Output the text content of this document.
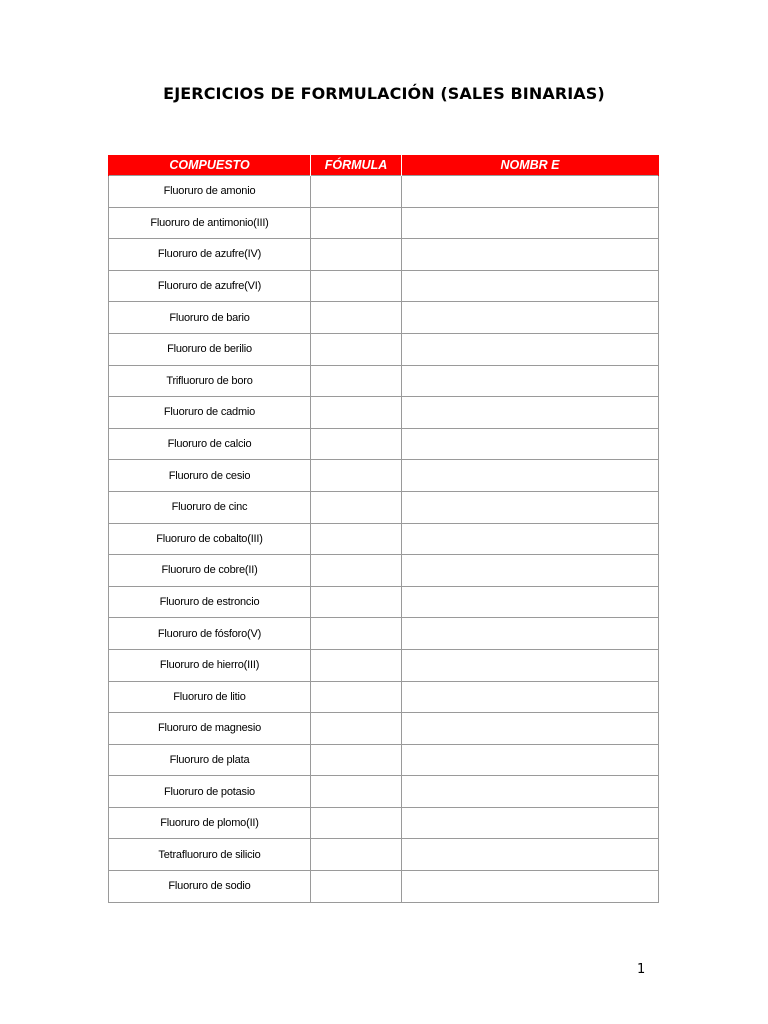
EJERCICIOS DE FORMULACIÓN (SALES BINARIAS)
COMPUESTO	FÓRMULA	NOMBR E

Fluoruro de amonio		
Fluoruro de antimonio(III)		
Fluoruro de azufre(IV)		
Fluoruro de azufre(VI)		
Fluoruro de bario		
Fluoruro de berilio		
Trifluoruro de boro		
Fluoruro de cadmio		
Fluoruro de calcio		
Fluoruro de cesio		
Fluoruro de cinc		
Fluoruro de cobalto(III)		
Fluoruro de cobre(II)		
Fluoruro de estroncio		
Fluoruro de fósforo(V)		
Fluoruro de hierro(III)		
Fluoruro de litio		
Fluoruro de magnesio		
Fluoruro de plata		
Fluoruro de potasio		
Fluoruro de plomo(II)		
Tetrafluoruro de silicio		
Fluoruro de sodio		
1
